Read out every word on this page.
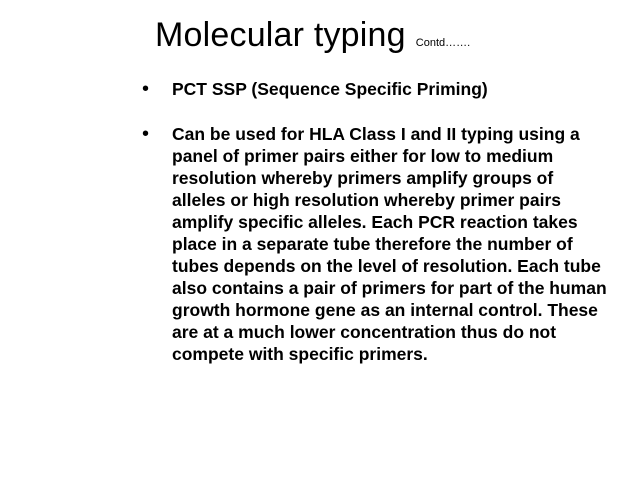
Molecular typing Contd…….
• PCT SSP (Sequence Specific Priming)
• Can be used for HLA Class I and II typing using a panel of primer pairs either for low to medium resolution whereby primers amplify groups of alleles or high resolution whereby primer pairs amplify specific alleles. Each PCR reaction takes place in a separate tube therefore the number of tubes depends on the level of resolution. Each tube also contains a pair of primers for part of the human growth hormone gene as an internal control. These are at a much lower concentration thus do not compete with specific primers.
